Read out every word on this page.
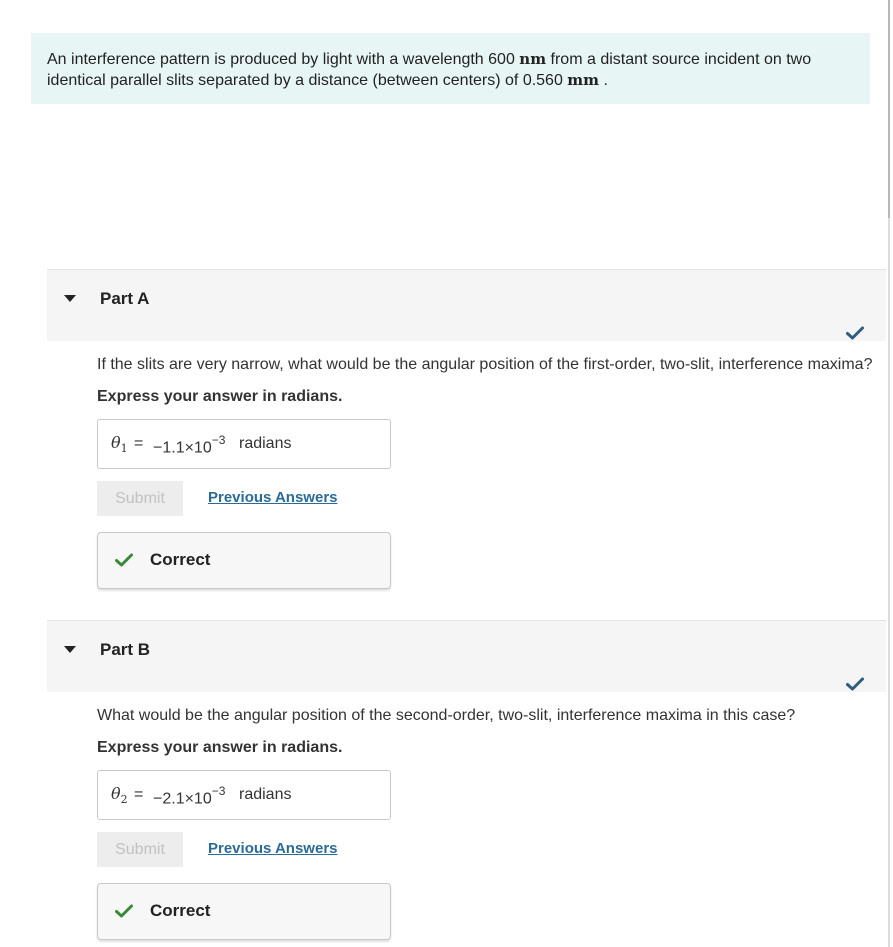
An interference pattern is produced by light with a wavelength 600 nm from a distant source incident on two identical parallel slits separated by a distance (between centers) of 0.560 mm .
Part A
If the slits are very narrow, what would be the angular position of the first-order, two-slit, interference maxima?
Express your answer in radians.
$\theta_1 = -1.1\times 10^{-3}$ radians
Submit	Previous Answers
Correct
Part B
What would be the angular position of the second-order, two-slit, interference maxima in this case?
Express your answer in radians.
$\theta_2 = -2.1\times 10^{-3}$ radians
Submit	Previous Answers
Correct
